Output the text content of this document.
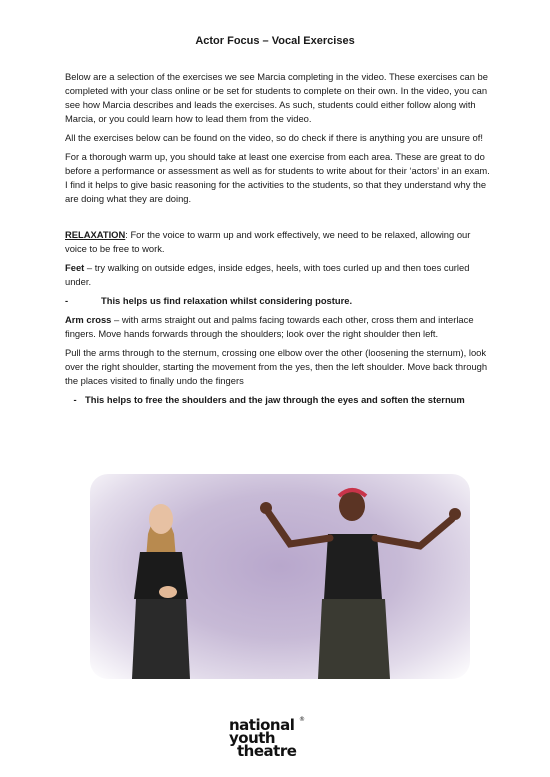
Actor Focus – Vocal Exercises

Below are a selection of the exercises we see Marcia completing in the video. These exercises can be completed with your class online or be set for students to complete on their own. In the video, you can see how Marcia describes and leads the exercises. As such, students could either follow along with Marcia, or you could learn how to lead them from the video.

All the exercises below can be found on the video, so do check if there is anything you are unsure of!

For a thorough warm up, you should take at least one exercise from each area. These are great to do before a performance or assessment as well as for students to write about for their ‘actors’ in an exam. I find it helps to give basic reasoning for the activities to the students, so that they understand why the are doing what they are doing.

RELAXATION: For the voice to warm up and work effectively, we need to be relaxed, allowing our voice to be free to work.

Feet – try walking on outside edges, inside edges, heels, with toes curled up and then toes curled under.

-	This helps us find relaxation whilst considering posture.

Arm cross – with arms straight out and palms facing towards each other, cross them and interlace fingers. Move hands forwards through the shoulders; look over the right shoulder then left.

Pull the arms through to the sternum, crossing one elbow over the other (loosening the sternum), look over the right shoulder, starting the movement from the yes, then the left shoulder. Move back through the places visited to finally undo the fingers

- This helps to free the shoulders and the jaw through the eyes and soften the sternum
national ®
youth
theatre
